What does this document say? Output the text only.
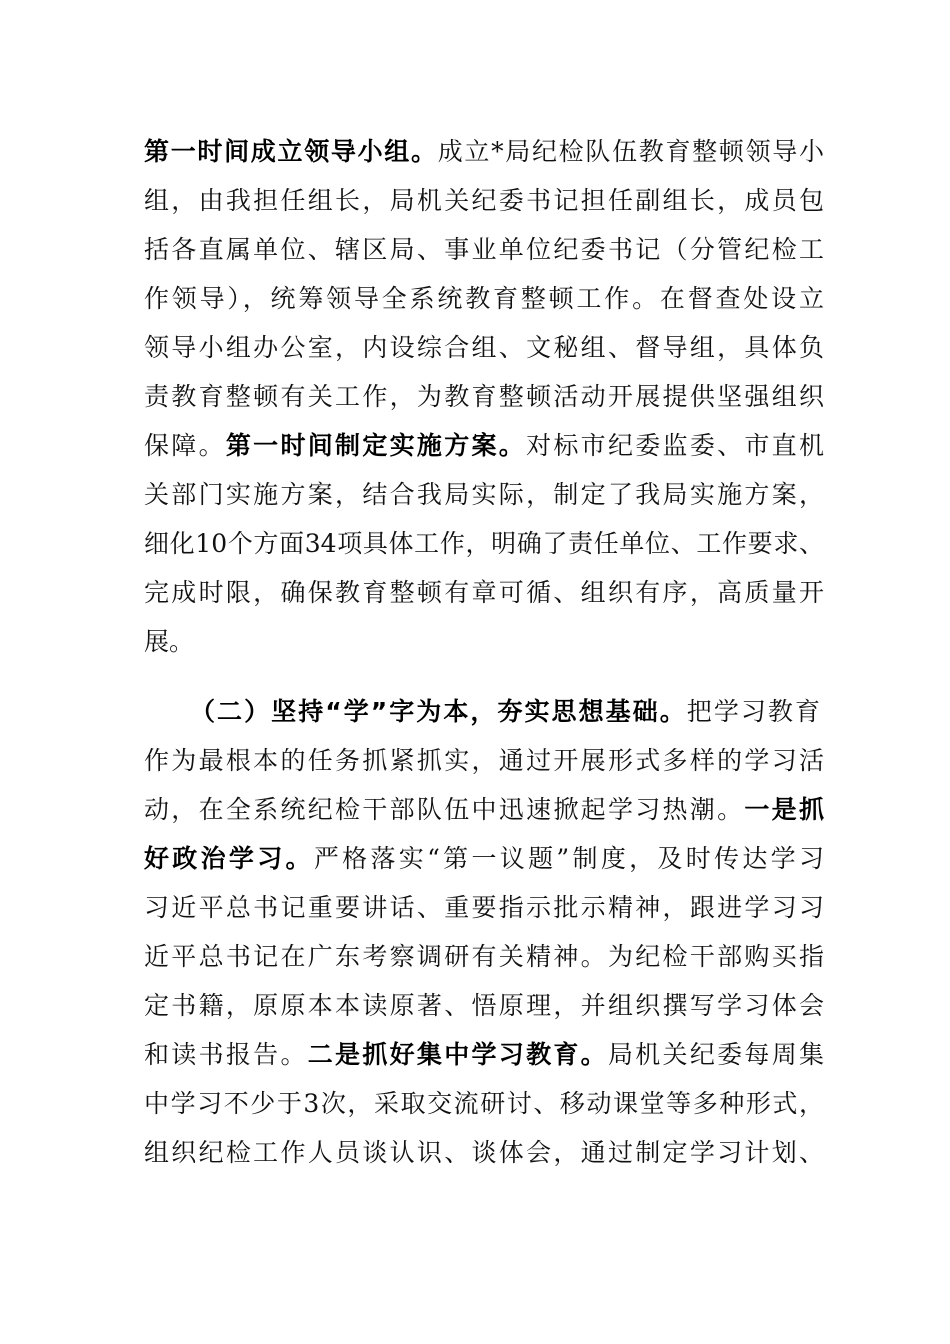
第一时间成立领导小组。成立*局纪检队伍教育整顿领导小
组，由我担任组长，局机关纪委书记担任副组长，成员包
括各直属单位、辖区局、事业单位纪委书记（分管纪检工
作领导），统筹领导全系统教育整顿工作。在督查处设立
领导小组办公室，内设综合组、文秘组、督导组，具体负
责教育整顿有关工作，为教育整顿活动开展提供坚强组织
保障。第一时间制定实施方案。对标市纪委监委、市直机
关部门实施方案，结合我局实际，制定了我局实施方案，
细化10个方面34项具体工作，明确了责任单位、工作要求、
完成时限，确保教育整顿有章可循、组织有序，高质量开
展。
（二）坚持“学”字为本，夯实思想基础。把学习教育
作为最根本的任务抓紧抓实，通过开展形式多样的学习活
动，在全系统纪检干部队伍中迅速掀起学习热潮。一是抓
好政治学习。严格落实“第一议题”制度，及时传达学习
习近平总书记重要讲话、重要指示批示精神，跟进学习习
近平总书记在广东考察调研有关精神。为纪检干部购买指
定书籍，原原本本读原著、悟原理，并组织撰写学习体会
和读书报告。二是抓好集中学习教育。局机关纪委每周集
中学习不少于3次，采取交流研讨、移动课堂等多种形式，
组织纪检工作人员谈认识、谈体会，通过制定学习计划、
